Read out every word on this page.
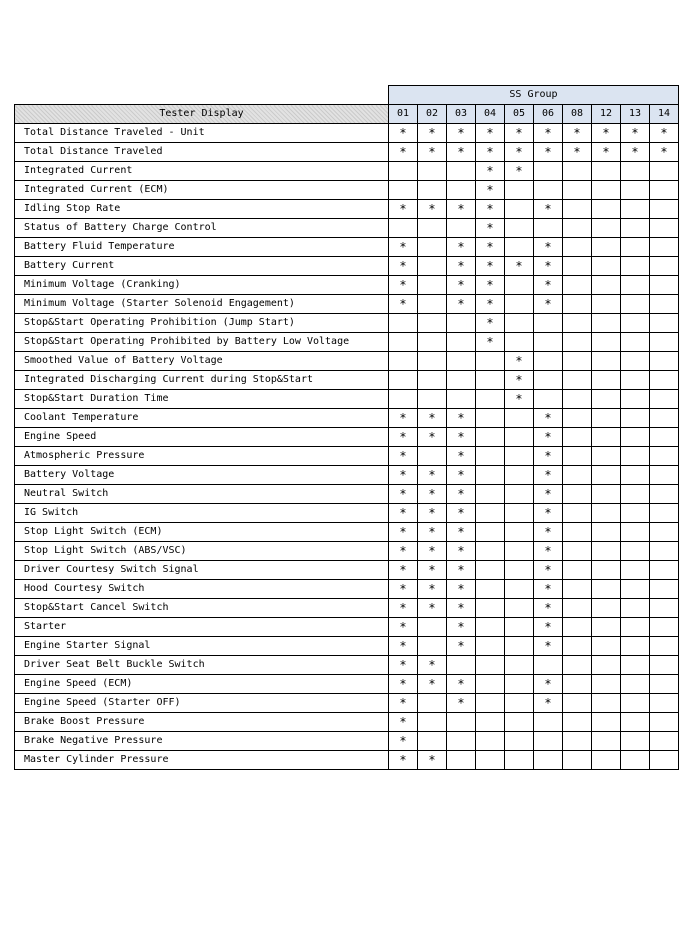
	SS Group									
Tester Display	01	02	03	04	05	06	08	12	13	14
Total Distance Traveled - Unit	*	*	*	*	*	*	*	*	*	*
Total Distance Traveled	*	*	*	*	*	*	*	*	*	*
Integrated Current				*	*					
Integrated Current (ECM)				*						
Idling Stop Rate	*	*	*	*		*				
Status of Battery Charge Control				*						
Battery Fluid Temperature	*		*	*		*				
Battery Current	*		*	*	*	*				
Minimum Voltage (Cranking)	*		*	*		*				
Minimum Voltage (Starter Solenoid Engagement)	*		*	*		*				
Stop&Start Operating Prohibition (Jump Start)				*						
Stop&Start Operating Prohibited by Battery Low Voltage				*						
Smoothed Value of Battery Voltage					*					
Integrated Discharging Current during Stop&Start					*					
Stop&Start Duration Time					*					
Coolant Temperature	*	*	*			*				
Engine Speed	*	*	*			*				
Atmospheric Pressure	*		*			*				
Battery Voltage	*	*	*			*				
Neutral Switch	*	*	*			*				
IG Switch	*	*	*			*				
Stop Light Switch (ECM)	*	*	*			*				
Stop Light Switch (ABS/VSC)	*	*	*			*				
Driver Courtesy Switch Signal	*	*	*			*				
Hood Courtesy Switch	*	*	*			*				
Stop&Start Cancel Switch	*	*	*			*				
Starter	*		*			*				
Engine Starter Signal	*		*			*				
Driver Seat Belt Buckle Switch	*	*								
Engine Speed (ECM)	*	*	*			*				
Engine Speed (Starter OFF)	*		*			*				
Brake Boost Pressure	*									
Brake Negative Pressure	*									
Master Cylinder Pressure	*	*								
